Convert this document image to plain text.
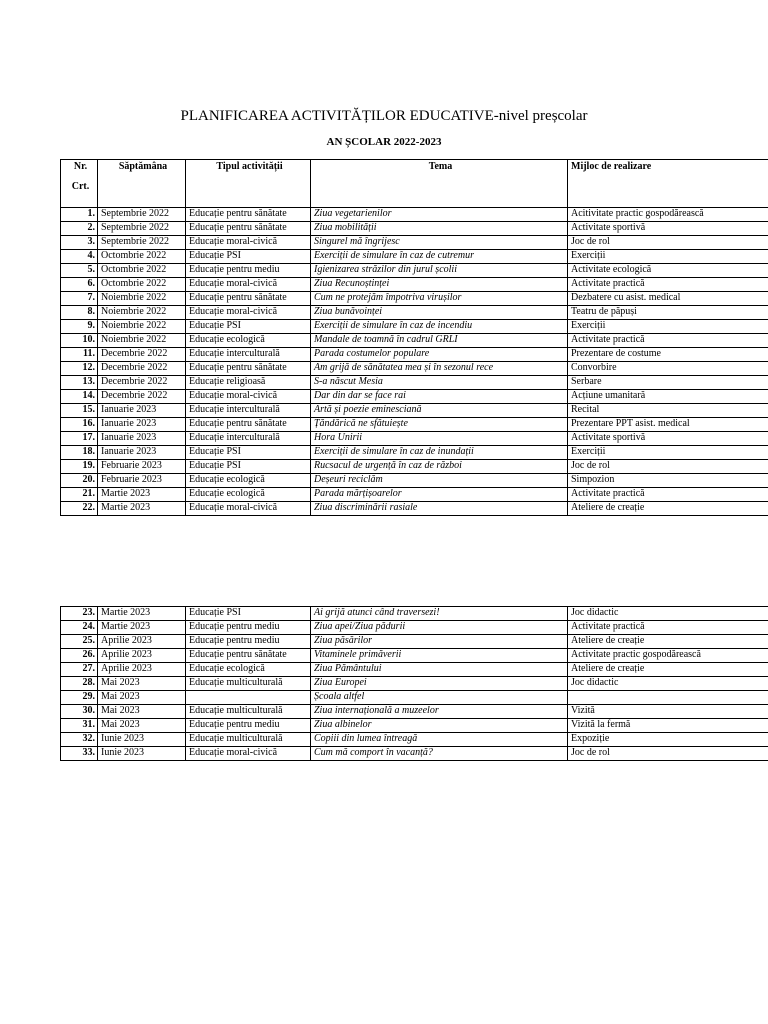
PLANIFICAREA ACTIVITĂȚILOR EDUCATIVE-nivel preșcolar
AN ȘCOLAR 2022-2023
Nr.
Crt.	Săptămâna	Tipul activității	Tema	Mijloc de realizare
1.	Septembrie 2022	Educație pentru sănătate	Ziua vegetarienilor	Acitivitate practic gospodărească
2.	Septembrie 2022	Educație pentru sănătate	Ziua mobilității	Activitate sportivă
3.	Septembrie 2022	Educație moral-civică	Singurel mă îngrijesc	Joc de rol
4.	Octombrie 2022	Educație PSI	Exerciții de simulare în caz de cutremur	Exerciții
5.	Octombrie 2022	Educație pentru mediu	Igienizarea străzilor din jurul școlii	Activitate ecologică
6.	Octombrie 2022	Educație moral-civică	Ziua Recunoștinței	Activitate practică
7.	Noiembrie 2022	Educație pentru sănătate	Cum ne protejăm împotriva virușilor	Dezbatere cu asist. medical
8.	Noiembrie 2022	Educație moral-civică	Ziua bunăvoinței	Teatru de păpuși
9.	Noiembrie 2022	Educație PSI	Exerciții de simulare în caz de incendiu	Exerciții
10.	Noiembrie 2022	Educație ecologică	Mandale de toamnă în cadrul GRLI	Activitate practică
11.	Decembrie 2022	Educație interculturală	Parada costumelor populare	Prezentare de costume
12.	Decembrie 2022	Educație pentru sănătate	Am grijă de sănătatea mea și în sezonul rece	Convorbire
13.	Decembrie 2022	Educație religioasă	S-a născut Mesia	Serbare
14.	Decembrie 2022	Educație moral-civică	Dar din dar se face rai	Acțiune umanitară
15.	Ianuarie 2023	Educație interculturală	Artă și poezie eminesciană	Recital
16.	Ianuarie 2023	Educație pentru sănătate	Țăndărică ne sfătuiește	Prezentare PPT asist. medical
17.	Ianuarie 2023	Educație interculturală	Hora Unirii	Activitate sportivă
18.	Ianuarie 2023	Educație PSI	Exerciții de simulare în caz de inundații	Exerciții
19.	Februarie 2023	Educație PSI	Rucsacul de urgență în caz de război	Joc de rol
20.	Februarie 2023	Educație ecologică	Deșeuri reciclăm	Simpozion
21.	Martie 2023	Educație ecologică	Parada mărțișoarelor	Activitate practică
22.	Martie 2023	Educație moral-civică	Ziua discriminării rasiale	Ateliere de creație
23.	Martie 2023	Educație PSI	Ai grijă atunci când traversezi!	Joc didactic
24.	Martie 2023	Educație pentru mediu	Ziua apei/Ziua pădurii	Activitate practică
25.	Aprilie 2023	Educație pentru mediu	Ziua păsărilor	Ateliere de creație
26.	Aprilie 2023	Educație pentru sănătate	Vitaminele primăverii	Activitate practic gospodărească
27.	Aprilie 2023	Educație ecologică	Ziua Pământului	Ateliere de creație
28.	Mai 2023	Educație multiculturală	Ziua Europei	Joc didactic
29.	Mai 2023		Școala altfel	
30.	Mai 2023	Educație multiculturală	Ziua internațională a muzeelor	Vizită
31.	Mai 2023	Educație pentru mediu	Ziua albinelor	Vizită la fermă
32.	Iunie 2023	Educație multiculturală	Copiii din lumea întreagă	Expoziție
33.	Iunie 2023	Educație moral-civică	Cum mă comport în vacanță?	Joc de rol
